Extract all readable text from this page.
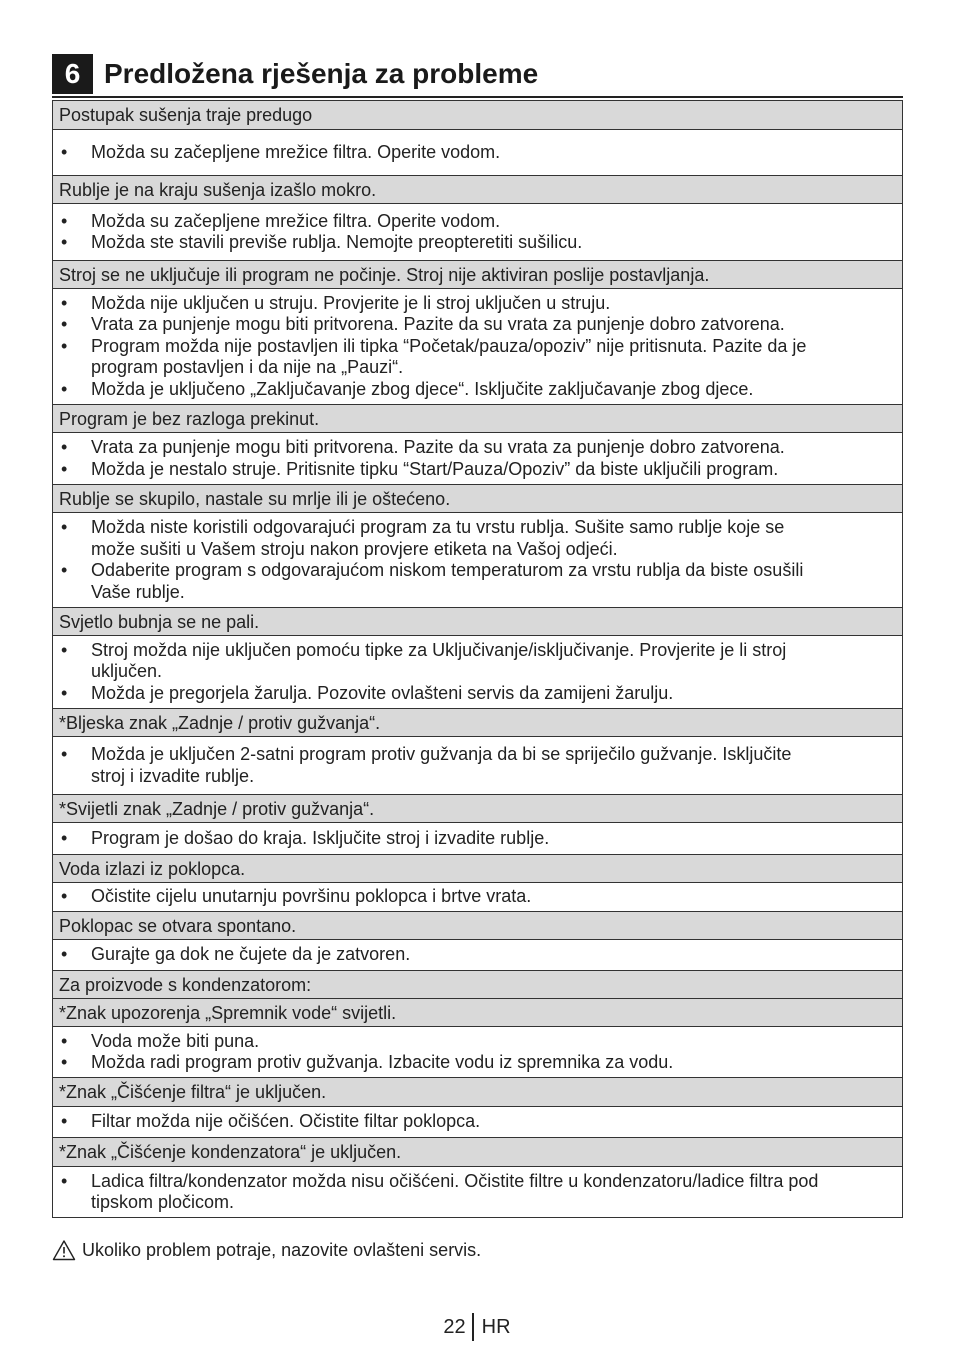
6 Predložena rješenja za probleme
Postupak sušenja traje predugo
•	Možda su začepljene mrežice filtra. Operite vodom.
Rublje je na kraju sušenja izašlo mokro.
•	Možda su začepljene mrežice filtra. Operite vodom.
•	Možda ste stavili previše rublja. Nemojte preopteretiti sušilicu.
Stroj se ne uključuje ili program ne počinje. Stroj nije aktiviran poslije postavljanja.
•	Možda nije uključen u struju. Provjerite je li stroj uključen u struju.
•	Vrata za punjenje mogu biti pritvorena. Pazite da su vrata za punjenje dobro zatvorena.
•	Program možda nije postavljen ili tipka “Početak/pauza/opoziv” nije pritisnuta. Pazite da je
program postavljen i da nije na „Pauzi“.
•	Možda je uključeno „Zaključavanje zbog djece“. Isključite zaključavanje zbog djece.
Program je bez razloga prekinut.
•	Vrata za punjenje mogu biti pritvorena. Pazite da su vrata za punjenje dobro zatvorena.
•	Možda je nestalo struje. Pritisnite tipku “Start/Pauza/Opoziv” da biste uključili program.
Rublje se skupilo, nastale su mrlje ili je oštećeno.
•	Možda niste koristili odgovarajući program za tu vrstu rublja. Sušite samo rublje koje se
može sušiti u Vašem stroju nakon provjere etiketa na Vašoj odjeći.
•	Odaberite program s odgovarajućom niskom temperaturom za vrstu rublja da biste osušili
Vaše rublje.
Svjetlo bubnja se ne pali.
•	Stroj možda nije uključen pomoću tipke za Uključivanje/isključivanje. Provjerite je li stroj
uključen.
•	Možda je pregorjela žarulja. Pozovite ovlašteni servis da zamijeni žarulju.
*Bljeska znak „Zadnje / protiv gužvanja“.
•	Možda je uključen 2-satni program protiv gužvanja da bi se spriječilo gužvanje. Isključite
stroj i izvadite rublje.
*Svijetli znak „Zadnje / protiv gužvanja“.
•	Program je došao do kraja. Isključite stroj i izvadite rublje.
Voda izlazi iz poklopca.
•	Očistite cijelu unutarnju površinu poklopca i brtve vrata.
Poklopac se otvara spontano.
•	Gurajte ga dok ne čujete da je zatvoren.
Za proizvode s kondenzatorom:
*Znak upozorenja „Spremnik vode“ svijetli.
•	Voda može biti puna.
•	Možda radi program protiv gužvanja. Izbacite vodu iz spremnika za vodu.
*Znak „Čišćenje filtra“ je uključen.
•	Filtar možda nije očišćen. Očistite filtar poklopca.
*Znak „Čišćenje kondenzatora“ je uključen.
•	Ladica filtra/kondenzator možda nisu očišćeni. Očistite filtre u kondenzatoru/ladice filtra pod
tipskom pločicom.
Ukoliko problem potraje, nazovite ovlašteni servis.
22 HR
